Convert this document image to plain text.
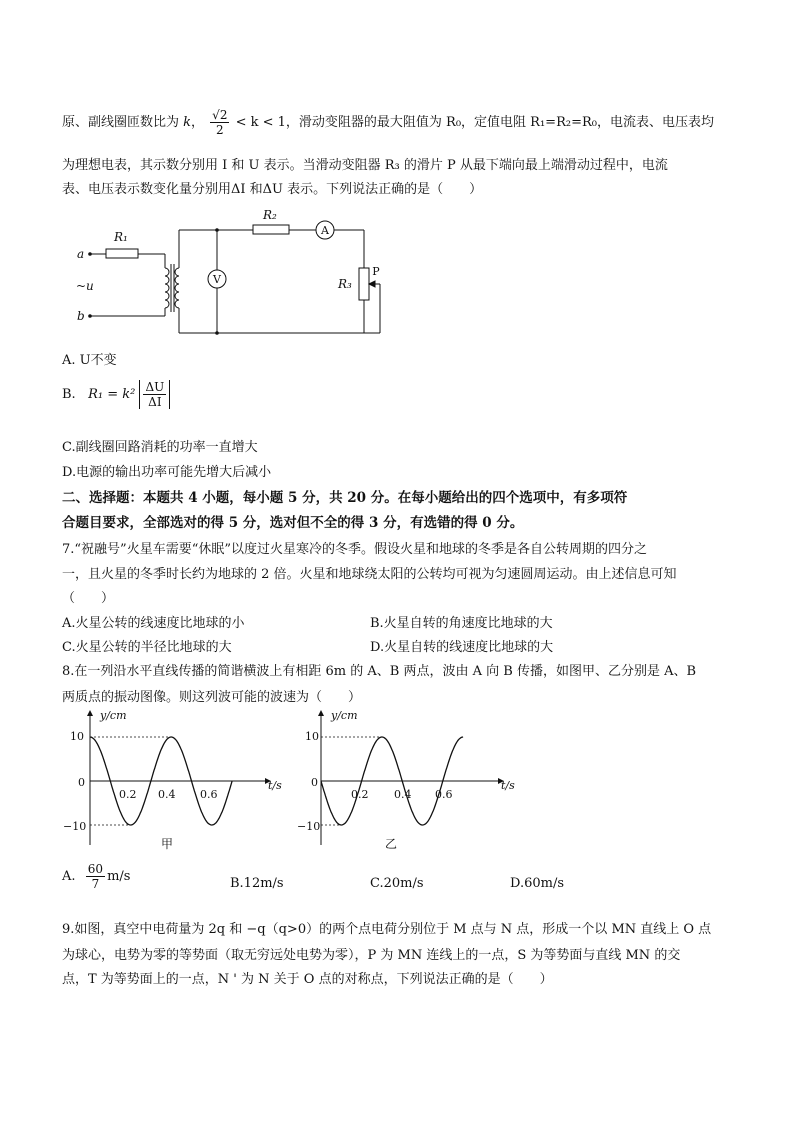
原、副线圈匝数比为 k， $\frac{√2}{2} < k < 1$，滑动变阻器的最大阻值为 R₀，定值电阻 R₁=R₂=R₀，电流表、电压表均
为理想电表，其示数分别用 I 和 U 表示。当滑动变阻器 R₃ 的滑片 P 从最下端向最上端滑动过程中，电流
表、电压表示数变化量分别用ΔI 和ΔU 表示。下列说法正确的是（　　）
a
b
~u
R₁
R₂
R₃
A
V
P
A. U不变
B. $R_1 = k^2 \frac{\Delta U}{\Delta I}$
C.副线圈回路消耗的功率一直增大
D.电源的输出功率可能先增大后减小
二、选择题：本题共 4 小题，每小题 5 分，共 20 分。在每小题给出的四个选项中，有多项符
合题目要求，全部选对的得 5 分，选对但不全的得 3 分，有选错的得 0 分。
7.“祝融号”火星车需要“休眠”以度过火星寒冷的冬季。假设火星和地球的冬季是各自公转周期的四分之
一，且火星的冬季时长约为地球的 2 倍。火星和地球绕太阳的公转均可视为匀速圆周运动。由上述信息可知
（　　）
A.火星公转的线速度比地球的小	B.火星自转的角速度比地球的大
C.火星公转的半径比地球的大	D.火星自转的线速度比地球的大
8.在一列沿水平直线传播的简谐横波上有相距 6m 的 A、B 两点，波由 A 向 B 传播，如图甲、乙分别是 A、B
两质点的振动图像。则这列波可能的波速为（　　）
y/cm
t/s
10
0
−10
0.2 0.4 0.6
甲
y/cm
t/s
10
0
−10
0.2 0.4 0.6
乙
A. $\frac{60}{7} m/s$	B.12m/s	C.20m/s	D.60m/s
9.如图，真空中电荷量为 2q 和 −q（q>0）的两个点电荷分别位于 M 点与 N 点，形成一个以 MN 直线上 O 点
为球心，电势为零的等势面（取无穷远处电势为零），P 为 MN 连线上的一点，S 为等势面与直线 MN 的交
点，T 为等势面上的一点，N ' 为 N 关于 O 点的对称点，下列说法正确的是（　　）
